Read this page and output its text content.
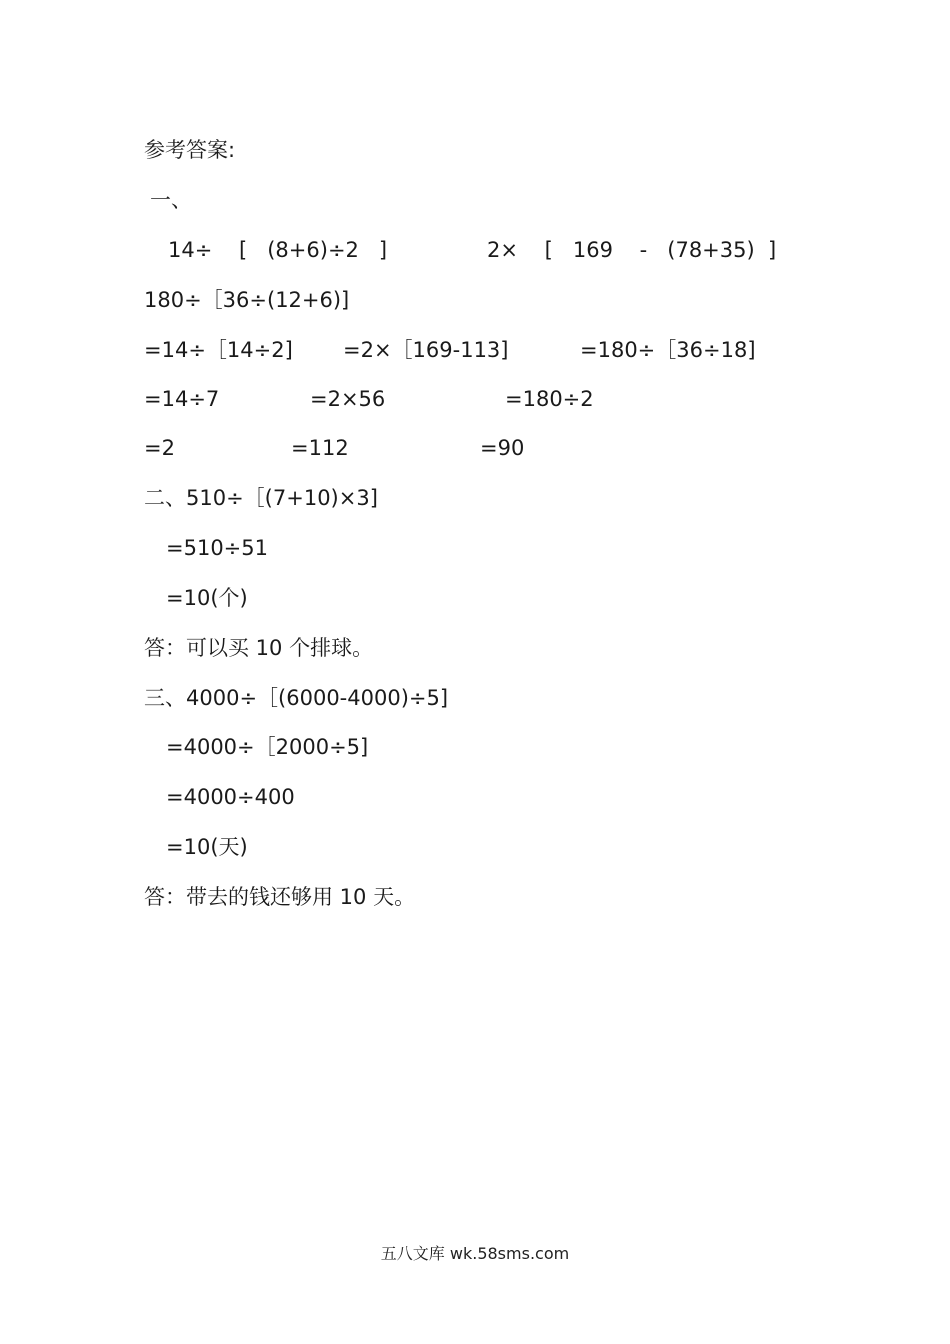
参考答案:
一、
14÷    [   (8+6)÷2   ]	2×    [   169    -   (78+35)  ]
180÷［36÷(12+6)]
=14÷［14÷2] =2×［169-113]	=180÷［36÷18]
=14÷7	=2×56	=180÷2
=2	=112	=90
二、510÷［(7+10)×3]
=510÷51
=10(个)
答：可以买 10 个排球。
三、4000÷［(6000-4000)÷5]
=4000÷［2000÷5]
=4000÷400
=10(天)
答：带去的钱还够用 10 天。
五八文库 wk.58sms.com
